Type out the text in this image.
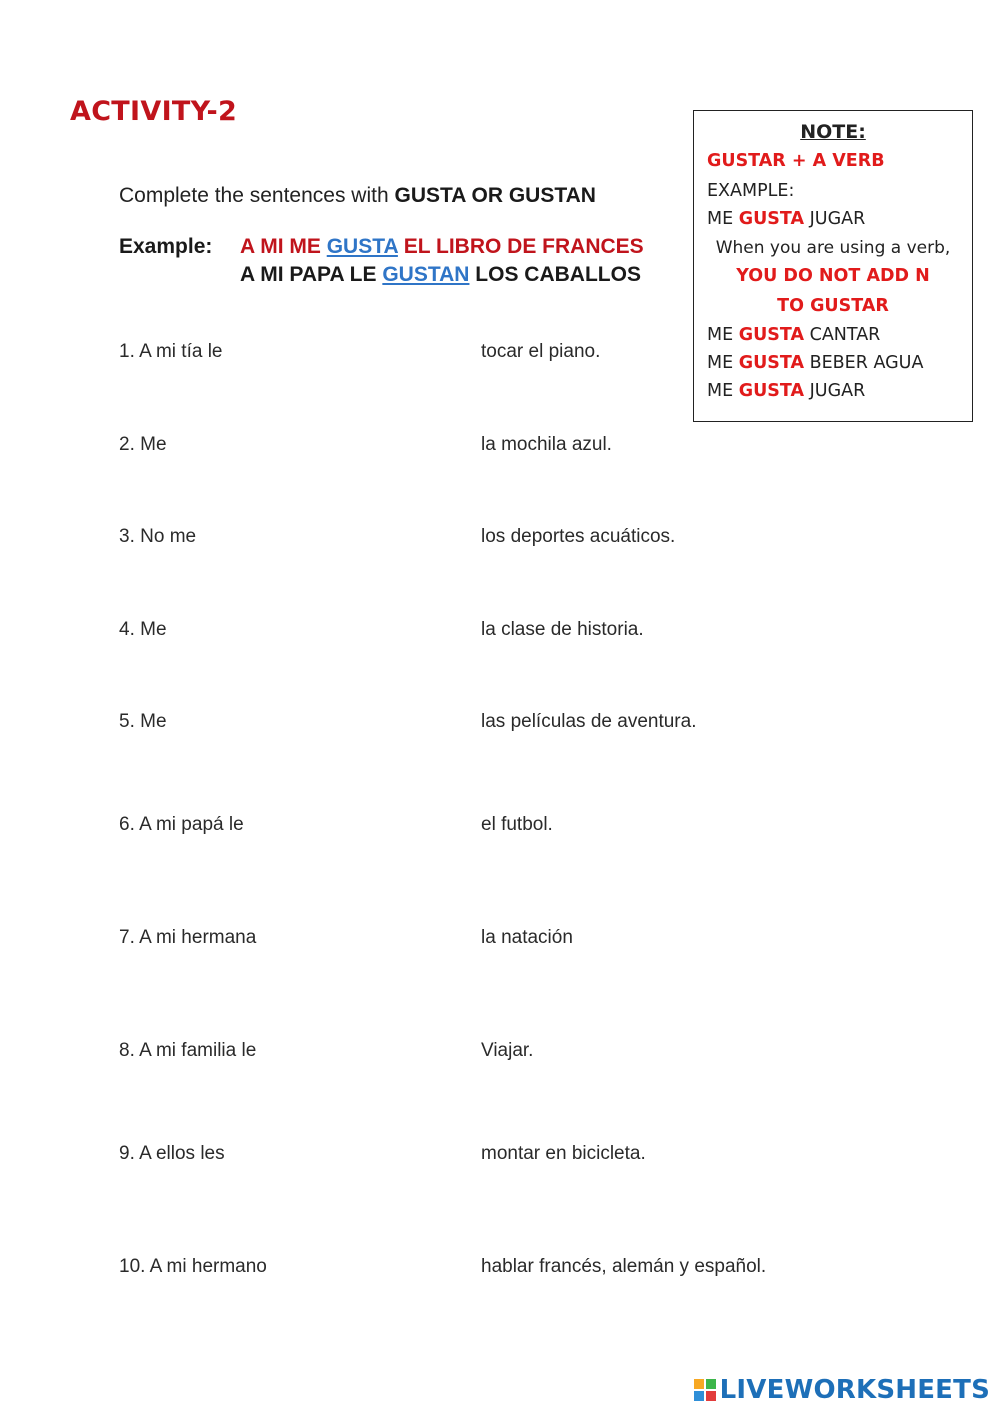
ACTIVITY-2
Complete the sentences with GUSTA OR GUSTAN
Example: A MI ME GUSTA EL LIBRO DE FRANCES
A MI PAPA LE GUSTAN LOS CABALLOS
NOTE:
GUSTAR + A VERB
EXAMPLE:
ME GUSTA JUGAR
When you are using a verb,
YOU DO NOT ADD N
TO GUSTAR
ME GUSTA CANTAR
ME GUSTA BEBER AGUA
ME GUSTA JUGAR
1. A mi tía le	tocar el piano.
2. Me	la mochila azul.
3. No me	los deportes acuáticos.
4. Me	la clase de historia.
5. Me	las películas de aventura.
6. A mi papá le	el futbol.
7. A mi hermana	la natación
8. A mi familia le	Viajar.
9. A ellos les	montar en bicicleta.
10. A mi hermano	hablar francés, alemán y español.
LIVEWORKSHEETS
